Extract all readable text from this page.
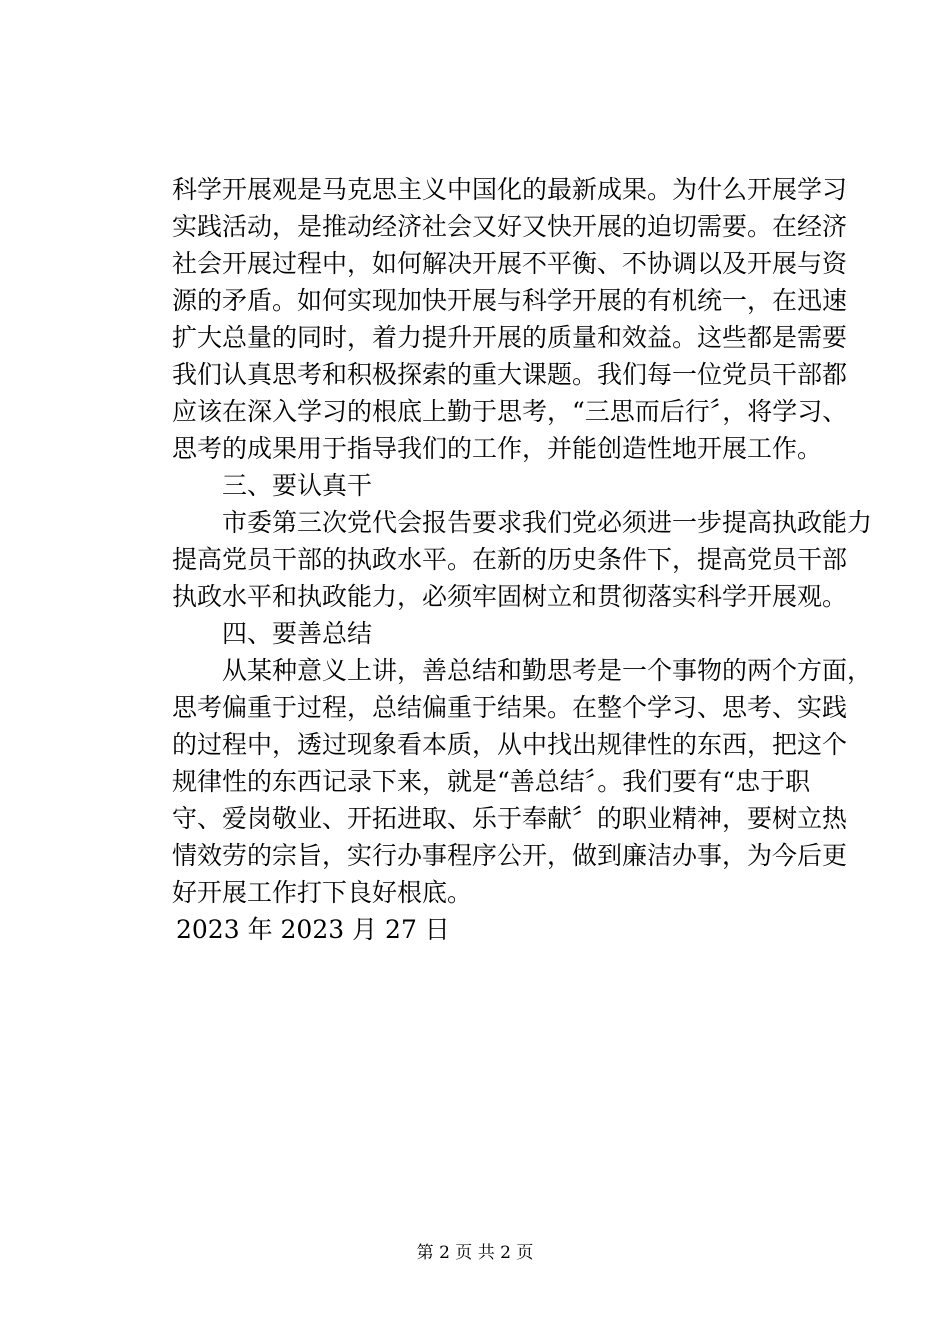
科学开展观是马克思主义中国化的最新成果。为什么开展学习
实践活动，是推动经济社会又好又快开展的迫切需要。在经济
社会开展过程中，如何解决开展不平衡、不协调以及开展与资
源的矛盾。如何实现加快开展与科学开展的有机统一，在迅速
扩大总量的同时，着力提升开展的质量和效益。这些都是需要
我们认真思考和积极探索的重大课题。我们每一位党员干部都
应该在深入学习的根底上勤于思考，“三思而后行〞，将学习、
思考的成果用于指导我们的工作，并能创造性地开展工作。
三、要认真干
市委第三次党代会报告要求我们党必须进一步提高执政能力
提高党员干部的执政水平。在新的历史条件下，提高党员干部
执政水平和执政能力，必须牢固树立和贯彻落实科学开展观。
四、要善总结
从某种意义上讲，善总结和勤思考是一个事物的两个方面，
思考偏重于过程，总结偏重于结果。在整个学习、思考、实践
的过程中，透过现象看本质，从中找出规律性的东西，把这个
规律性的东西记录下来，就是“善总结〞。我们要有“忠于职
守、爱岗敬业、开拓进取、乐于奉献〞的职业精神，要树立热
情效劳的宗旨，实行办事程序公开，做到廉洁办事，为今后更
好开展工作打下良好根底。
2023 年 2023 月 27 日
第 2 页 共 2 页
